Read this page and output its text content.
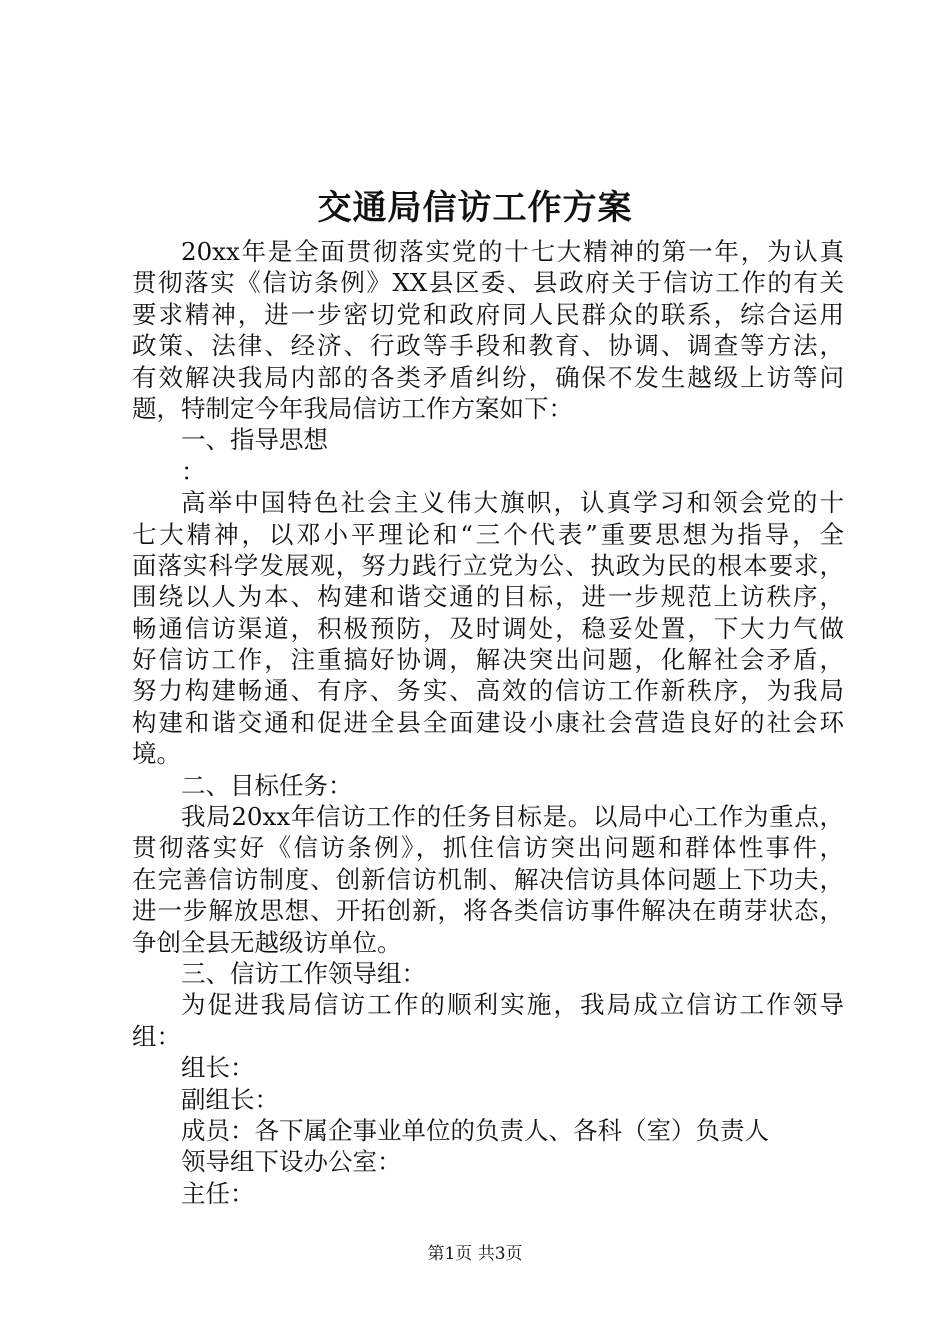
交通局信访工作方案
20xx年是全面贯彻落实党的十七大精神的第一年，为认真
贯彻落实《信访条例》XX县区委、县政府关于信访工作的有关
要求精神，进一步密切党和政府同人民群众的联系，综合运用
政策、法律、经济、行政等手段和教育、协调、调查等方法，
有效解决我局内部的各类矛盾纠纷，确保不发生越级上访等问
题，特制定今年我局信访工作方案如下：
一、指导思想
：
高举中国特色社会主义伟大旗帜，认真学习和领会党的十
七大精神，以邓小平理论和“三个代表”重要思想为指导，全
面落实科学发展观，努力践行立党为公、执政为民的根本要求，
围绕以人为本、构建和谐交通的目标，进一步规范上访秩序，
畅通信访渠道，积极预防，及时调处，稳妥处置，下大力气做
好信访工作，注重搞好协调，解决突出问题，化解社会矛盾，
努力构建畅通、有序、务实、高效的信访工作新秩序，为我局
构建和谐交通和促进全县全面建设小康社会营造良好的社会环
境。
二、目标任务：
我局20xx年信访工作的任务目标是。以局中心工作为重点，
贯彻落实好《信访条例》，抓住信访突出问题和群体性事件，
在完善信访制度、创新信访机制、解决信访具体问题上下功夫，
进一步解放思想、开拓创新，将各类信访事件解决在萌芽状态，
争创全县无越级访单位。
三、信访工作领导组：
为促进我局信访工作的顺利实施，我局成立信访工作领导
组：
组长：
副组长：
成员：各下属企事业单位的负责人、各科（室）负责人
领导组下设办公室：
主任：
第1页 共3页
